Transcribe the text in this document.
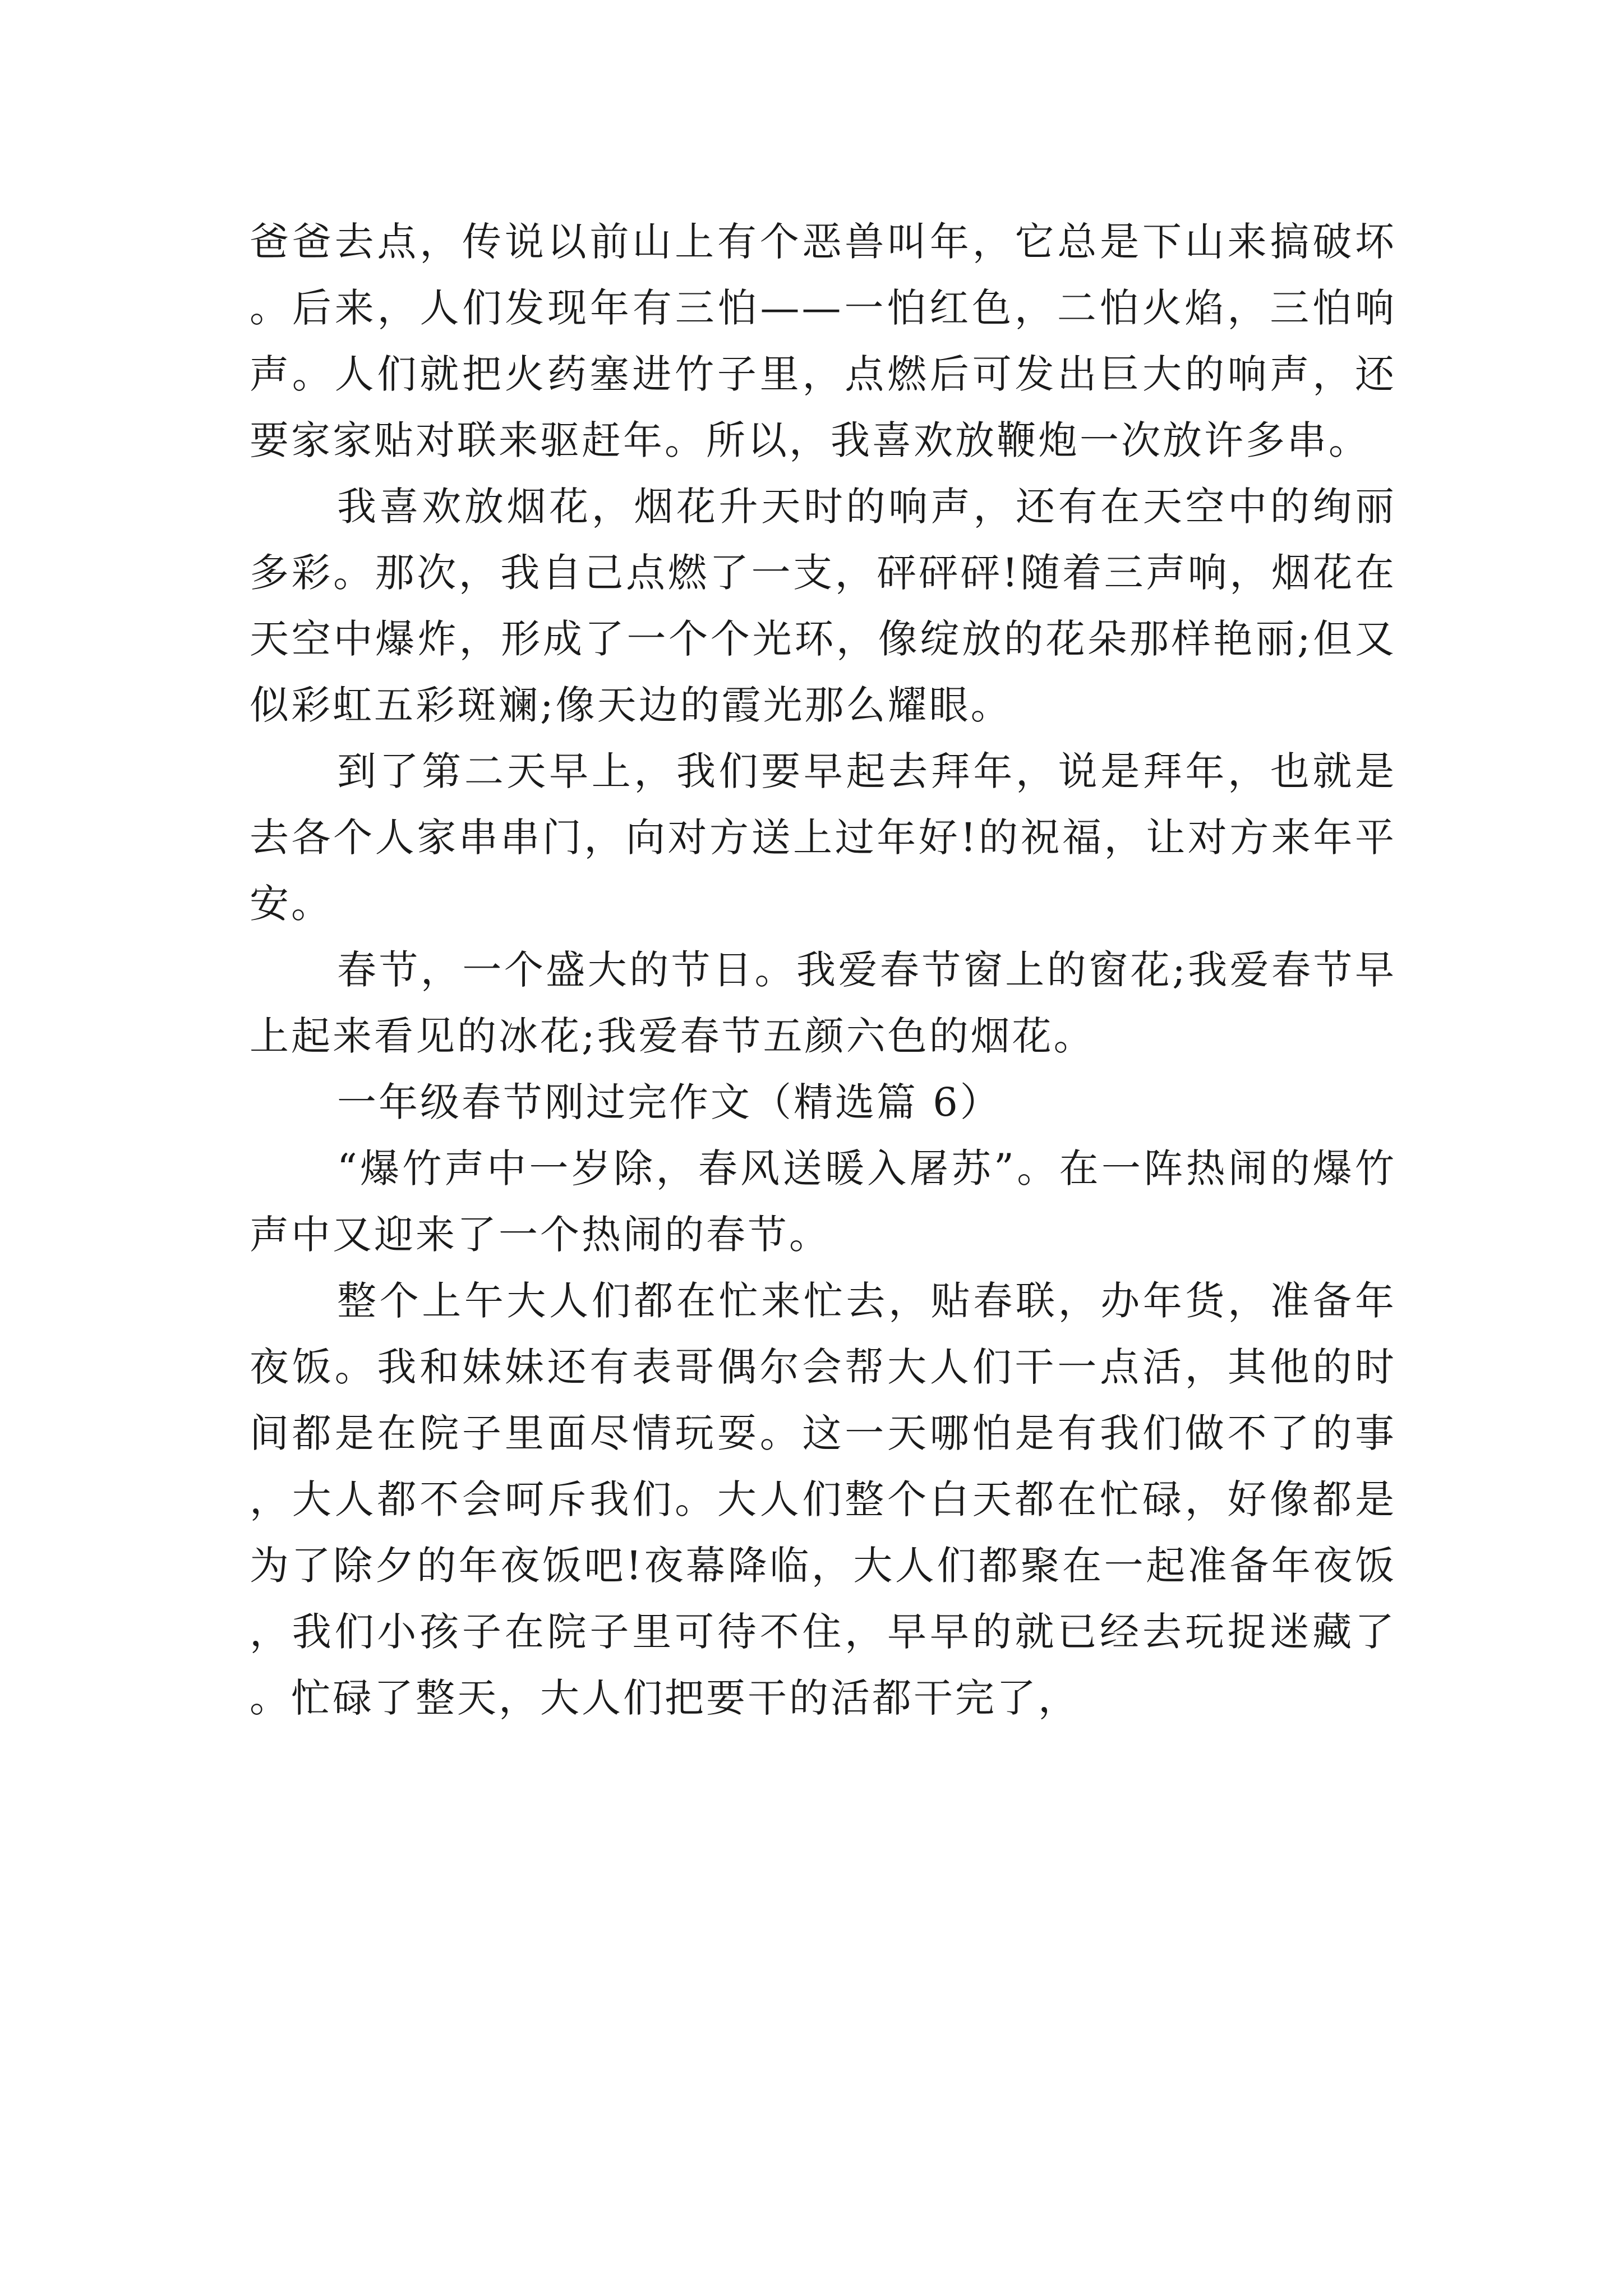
爸爸去点，传说以前山上有个恶兽叫年，它总是下山来搞破坏。后来，人们发现年有三怕——一怕红色，二怕火焰，三怕响声。人们就把火药塞进竹子里，点燃后可发出巨大的响声，还要家家贴对联来驱赶年。所以，我喜欢放鞭炮一次放许多串。

我喜欢放烟花，烟花升天时的响声，还有在天空中的绚丽多彩。那次，我自己点燃了一支，砰砰砰!随着三声响，烟花在天空中爆炸，形成了一个个光环，像绽放的花朵那样艳丽;但又似彩虹五彩斑斓;像天边的霞光那么耀眼。

到了第二天早上，我们要早起去拜年，说是拜年，也就是去各个人家串串门，向对方送上过年好!的祝福，让对方来年平安。

春节，一个盛大的节日。我爱春节窗上的窗花;我爱春节早上起来看见的冰花;我爱春节五颜六色的烟花。

一年级春节刚过完作文（精选篇 6）

“爆竹声中一岁除，春风送暖入屠苏”。在一阵热闹的爆竹声中又迎来了一个热闹的春节。

整个上午大人们都在忙来忙去，贴春联，办年货，准备年夜饭。我和妹妹还有表哥偶尔会帮大人们干一点活，其他的时间都是在院子里面尽情玩耍。这一天哪怕是有我们做不了的事，大人都不会呵斥我们。大人们整个白天都在忙碌，好像都是为了除夕的年夜饭吧!夜幕降临，大人们都聚在一起准备年夜饭，我们小孩子在院子里可待不住，早早的就已经去玩捉迷藏了。忙碌了整天，大人们把要干的活都干完了，
